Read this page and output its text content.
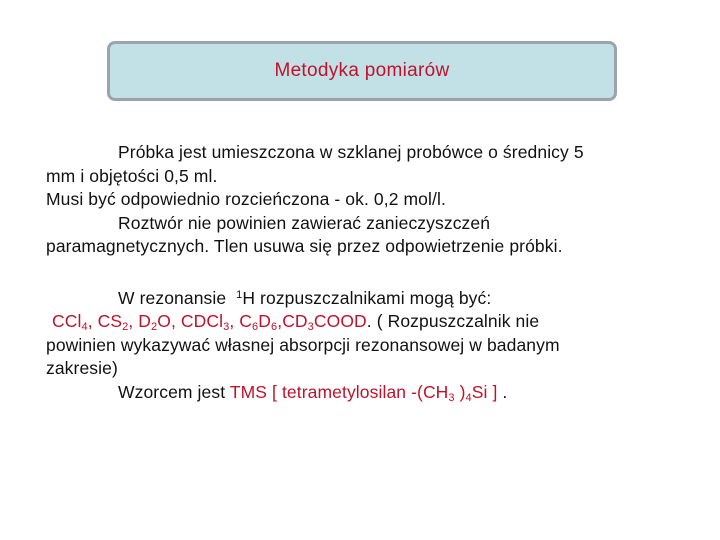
Metodyka pomiarów
Próbka jest umieszczona w szklanej probówce o średnicy 5
mm i objętości 0,5 ml.
Musi być odpowiednio rozcieńczona - ok. 0,2 mol/l.
Roztwór nie powinien zawierać zanieczyszczeń
paramagnetycznych. Tlen usuwa się przez odpowietrzenie próbki.
W rezonansie $^1$H rozpuszczalnikami mogą być:
CCl$_4$, $CS_2$, $D_2O$, CDCl$_3$, $C_6D_6,CD_3COOD$. ( Rozpuszczalnik nie
powinien wykazywać własnej absorpcji rezonansowej w badanym
zakresie)
Wzorcem jest TMS [ tetrametylosilan $-(CH_3$ )$_4Si$ ] .
